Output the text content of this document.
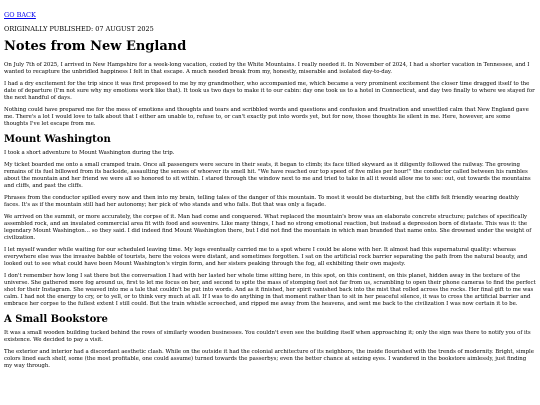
GO BACK
ORIGINALLY PUBLISHED: 07 AUGUST 2025
Notes from New England

On July 7th of 2025, I arrived in New Hampshire for a week-long vacation, cozied by the White Mountains. I really needed it. In November of 2024, I had a shorter vacation in Tennessee, and I wanted to recapture the unbridled happiness I felt in that escape. A much needed break from my, honestly, miserable and isolated day-to-day.

I had a dry excitement for the trip since it was first proposed to me by my grandmother, who accompanied me, which became a very prominent excitement the closer time dragged itself to the date of departure (I'm not sure why my emotions work like that). It took us two days to make it to our cabin: day one took us to a hotel in Connecticut, and day two finally to where we stayed for the next handful of days.

Nothing could have prepared me for the mess of emotions and thoughts and tears and scribbled words and questions and confusion and frustration and unsettled calm that New England gave me. There's a lot I would love to talk about that I either am unable to, refuse to, or can't exactly put into words yet, but for now, those thoughts lie silent in me. Here, however, are some thoughts I've let escape from me.

Mount Washington

I took a short adventure to Mount Washington during the trip.

My ticket boarded me onto a small cramped train. Once all passengers were secure in their seats, it began to climb; its face tilted skyward as it diligently followed the railway. The growing remains of its fuel billowed from its backside, assaulting the senses of whoever its smell hit. "We have reached our top speed of five miles per hour!" the conductor called between his rambles about the mountain and her friend we were all so honored to sit within. I stared through the window next to me and tried to take in all it would allow me to see: out, out towards the mountains and cliffs, and past the cliffs.

Phrases from the conductor spilled every now and then into my brain, telling tales of the danger of this mountain. To most it would be disturbing, but the cliffs felt friendly wearing deathly faces. It's as if the mountain still had her autonomy; her pick of who stands and who falls. But that was only a façade.

We arrived on the summit, or more accurately, the corpse of it. Man had come and conquered. What replaced the mountain's brow was an elaborate concrete structure; patches of specifically assembled rock, and an insulated commercial area fit with food and souvenirs. Like many things, I had no strong emotional reaction, but instead a depression born of distaste. This was it: the legendary Mount Washington… so they said. I did indeed find Mount Washington there, but I did not find the mountain in which man branded that name onto. She drowned under the weight of civilization.

I let myself wander while waiting for our scheduled leaving time. My legs eventually carried me to a spot where I could be alone with her. It almost had this supernatural quality: whereas everywhere else was the invasive babble of tourists, here the voices were distant, and sometimes forgotten. I sat on the artificial rock barrier separating the path from the natural beauty, and looked out to see what could have been Mount Washington's virgin form, and her sisters peaking through the fog, all exhibiting their own majesty.

I don't remember how long I sat there but the conversation I had with her lasted her whole time sitting here, in this spot, on this continent, on this planet, hidden away in the texture of the universe. She gathered more fog around us, first to let me focus on her, and second to spite the mass of stomping feet not far from us, scrambling to open their phone cameras to find the perfect shot for their Instagram. She weaved into me a tale that couldn't be put into words. And as it finished, her spirit vanished back into the mist that rolled across the rocks. Her final gift to me was calm. I had not the energy to cry, or to yell, or to think very much at all. If I was to do anything in that moment rather than to sit in her peaceful silence, it was to cross the artificial barrier and embrace her corpse to the fullest extent I still could. But the train whistle screeched, and ripped me away from the heavens, and sent me back to the civilization I was now certain it to be.

A Small Bookstore

It was a small wooden building tucked behind the rows of similarly wooden businesses. You couldn't even see the building itself when approaching it; only the sign was there to notify you of its existence. We decided to pay a visit.

The exterior and interior had a discordant aesthetic clash. While on the outside it had the colonial architecture of its neighbors, the inside flourished with the trends of modernity. Bright, simple colors lined each shelf, some (the most profitable, one could assume) turned towards the passerbys; even the better chance at seizing eyes. I wandered in the bookstore aimlessly, just finding my way through.
